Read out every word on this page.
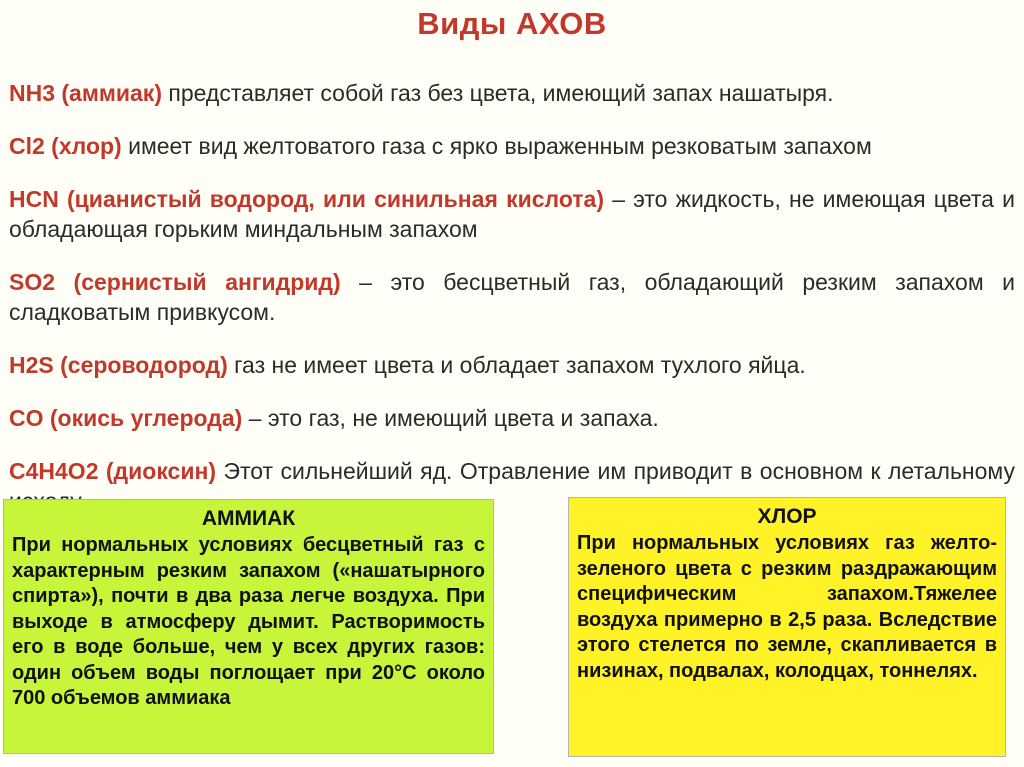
Виды АХОВ

NH3 (аммиак) представляет собой газ без цвета, имеющий запах нашатыря.

Cl2 (хлор) имеет вид желтоватого газа с ярко выраженным резковатым запахом

HCN (цианистый водород, или синильная кислота) – это жидкость, не имеющая цвета и обладающая горьким миндальным запахом

SO2 (сернистый ангидрид) – это бесцветный газ, обладающий резким запахом и сладковатым привкусом.

H2S (сероводород) газ не имеет цвета и обладает запахом тухлого яйца.

CO (окись углерода) – это газ, не имеющий цвета и запаха.

C4H4O2 (диоксин) Этот сильнейший яд. Отравление им приводит в основном к летальному

АММИАК
При нормальных условиях бесцветный газ с характерным резким запахом («нашатырного спирта»), почти в два раза легче воздуха. При выходе в атмосферу дымит. Растворимость его в воде больше, чем у всех других газов: один объем воды поглощает при 20°С около 700 объемов аммиака
ХЛОР
При нормальных условиях газ желто-зеленого цвета с резким раздражающим специфическим запахом.Тяжелее воздуха примерно в 2,5 раза. Вследствие этого стелется по земле, скапливается в низинах, подвалах, колодцах, тоннелях.
